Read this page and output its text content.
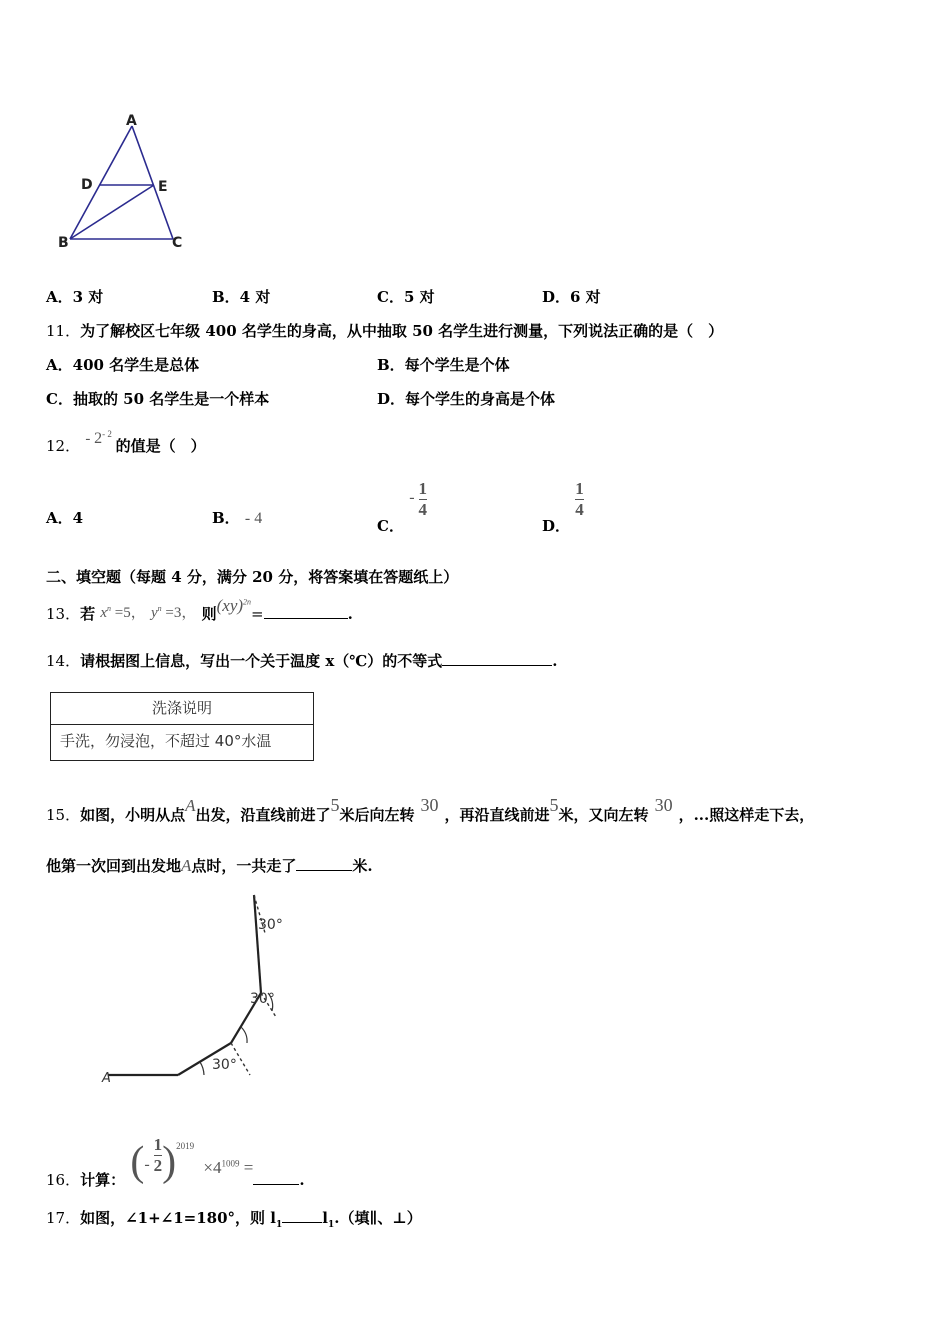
A
D	E
B	C
A．3 对	B．4 对	C．5 对	D．6 对
11．为了解校区七年级 400 名学生的身高，从中抽取 50 名学生进行测量，下列说法正确的是（　）
A．400 名学生是总体	B．每个学生是个体
C．抽取的 50 名学生是一个样本	D．每个学生的身高是个体
12． - $2^{- 2}$ 的值是（　）
A．4	B． - 4	C． - $\frac{1}{4}$
D．
$\frac{1}{4}$
二、填空题（每题 4 分，满分 20 分，将答案填在答题纸上）
13．若 $x^n =5$， $y^n =3$， 则(xy)$^{2n}$=	.
14．请根据图上信息，写出一个关于温度 x（℃）的不等式	.
洗涤说明
手洗，勿浸泡，不超过 40°水温
15．如图，小明从点A出发，沿直线前进了5米后向左转 30 ，再沿直线前进5米，又向左转 30 ，...照这样走下去，
他第一次回到出发地A点时，一共走了	米.
30°
30°
30°
A
16．计算： (- $\frac{1}{2} )^{2019} \times 4^{1009}$ =.
17．如图，∠1+∠1=180°，则 $l_1$	$l_1$.（填∥、⊥）
